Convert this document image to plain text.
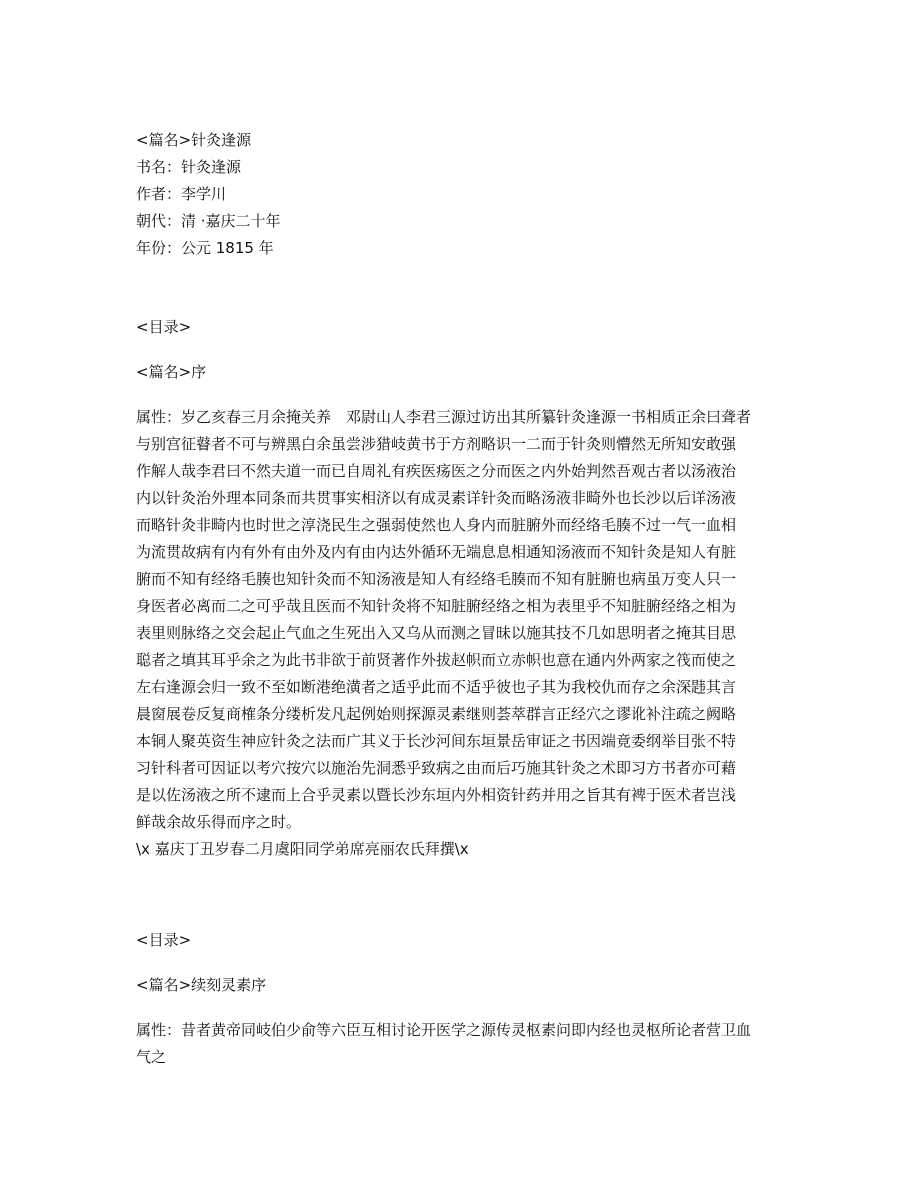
<篇名>针灸逢源
书名：针灸逢源
作者：李学川
朝代：清 ·嘉庆二十年
年份：公元 1815 年
<目录>
<篇名>序
属性：岁乙亥春三月余掩关养　邓尉山人李君三源过访出其所纂针灸逢源一书相质正余曰聋者
与别宫征瞽者不可与辨黑白余虽尝涉猎岐黄书于方剂略识一二而于针灸则懵然无所知安敢强
作解人哉李君曰不然夫道一而已自周礼有疾医疡医之分而医之内外始判然吾观古者以汤液治
内以针灸治外理本同条而共贯事实相济以有成灵素详针灸而略汤液非畸外也长沙以后详汤液
而略针灸非畸内也时世之淳浇民生之强弱使然也人身内而脏腑外而经络毛腠不过一气一血相
为流贯故病有内有外有由外及内有由内达外循环无端息息相通知汤液而不知针灸是知人有脏
腑而不知有经络毛腠也知针灸而不知汤液是知人有经络毛腠而不知有脏腑也病虽万变人只一
身医者必离而二之可乎哉且医而不知针灸将不知脏腑经络之相为表里乎不知脏腑经络之相为
表里则脉络之交会起止气血之生死出入又乌从而测之冒昧以施其技不几如思明者之掩其目思
聪者之填其耳乎余之为此书非欲于前贤著作外拔赵帜而立赤帜也意在通内外两家之筏而使之
左右逢源会归一致不至如断港绝潢者之适乎此而不适乎彼也子其为我校仇而存之余深韪其言
晨窗展卷反复商榷条分缕析发凡起例始则探源灵素继则荟萃群言正经穴之谬讹补注疏之阙略
本铜人聚英资生神应针灸之法而广其义于长沙河间东垣景岳审证之书因端竟委纲举目张不特
习针科者可因证以考穴按穴以施治先洞悉乎致病之由而后巧施其针灸之术即习方书者亦可藉
是以佐汤液之所不逮而上合乎灵素以暨长沙东垣内外相资针药并用之旨其有裨于医术者岂浅
鲜哉余故乐得而序之时。
\x 嘉庆丁丑岁春二月虞阳同学弟席亮丽农氏拜撰\x
<目录>
<篇名>续刻灵素序
属性：昔者黄帝同岐伯少俞等六臣互相讨论开医学之源传灵枢素问即内经也灵枢所论者营卫血
气之
